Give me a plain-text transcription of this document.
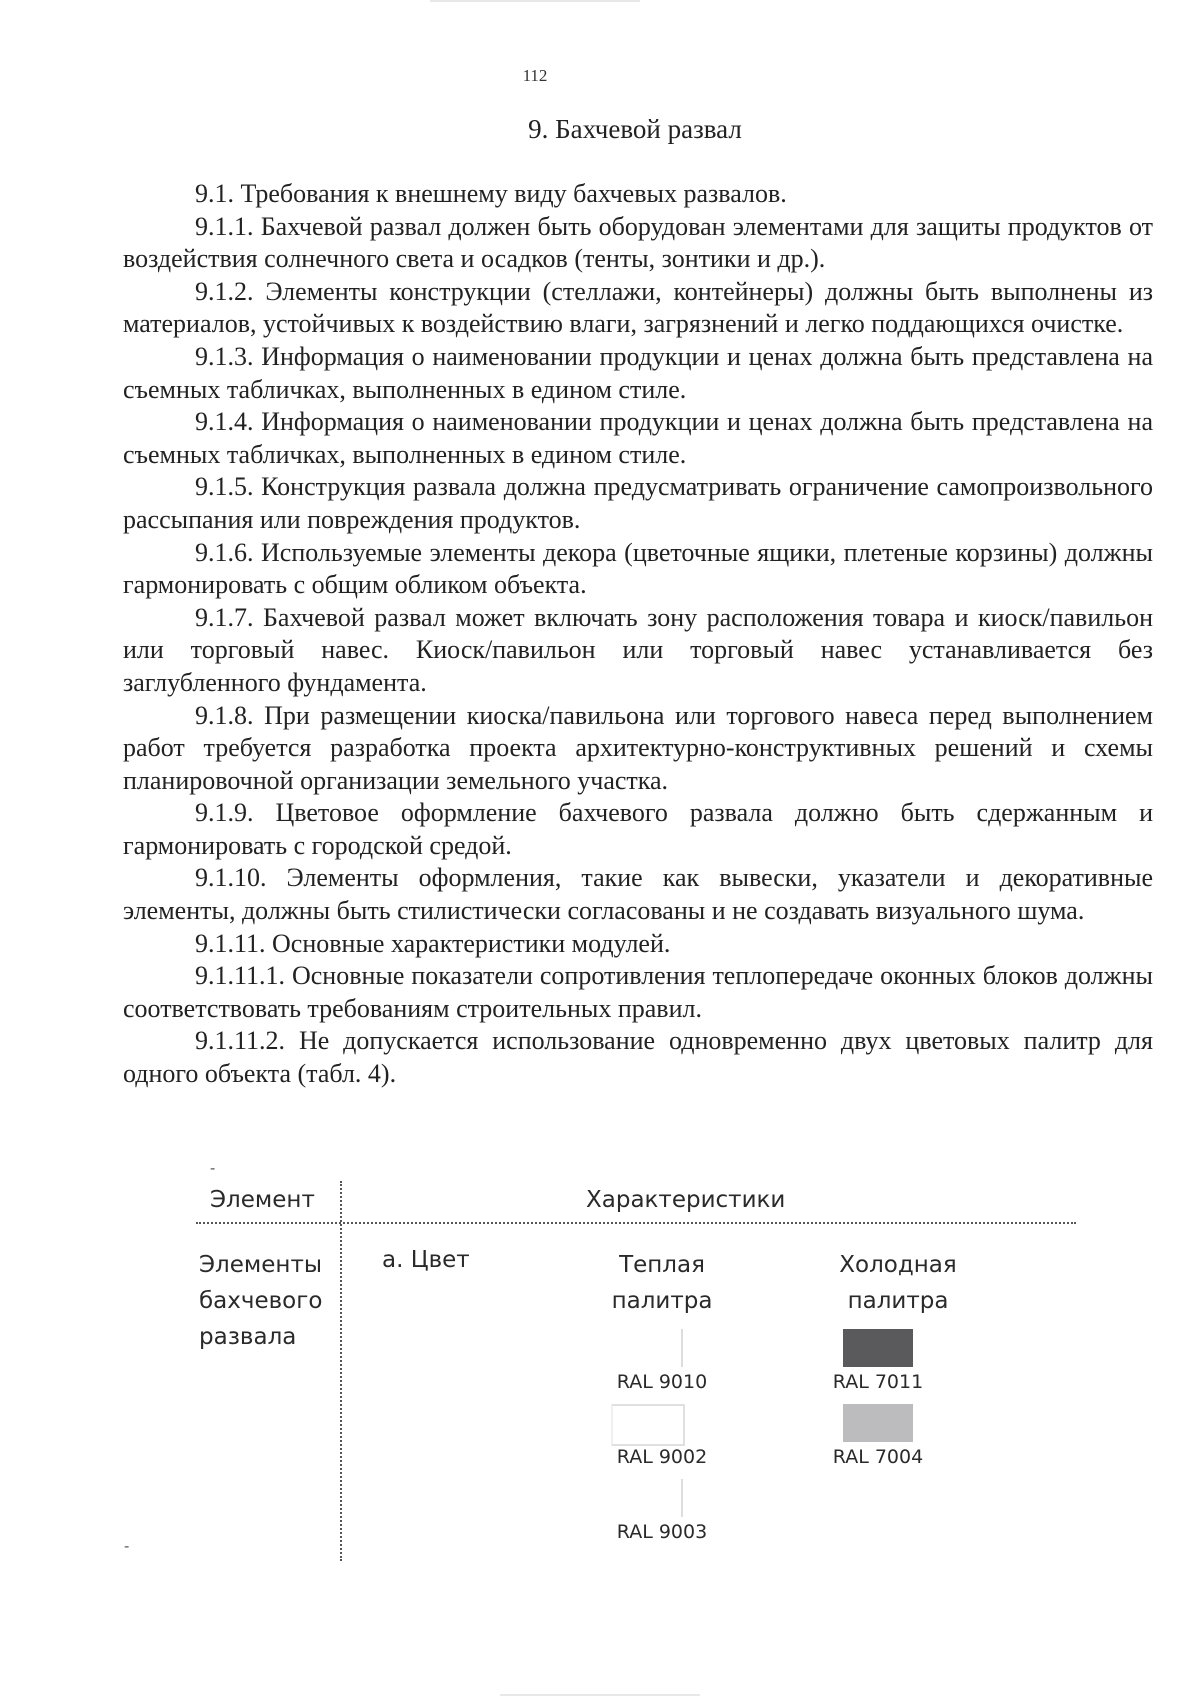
112
9. Бахчевой развал

9.1. Требования к внешнему виду бахчевых развалов.

9.1.1. Бахчевой развал должен быть оборудован элементами для защиты продуктов от воздействия солнечного света и осадков (тенты, зонтики и др.).

9.1.2. Элементы конструкции (стеллажи, контейнеры) должны быть выполнены из материалов, устойчивых к воздействию влаги, загрязнений и легко поддающихся очистке.

9.1.3. Информация о наименовании продукции и ценах должна быть представлена на съемных табличках, выполненных в едином стиле.

9.1.4. Информация о наименовании продукции и ценах должна быть представлена на съемных табличках, выполненных в едином стиле.

9.1.5. Конструкция развала должна предусматривать ограничение самопроизвольного рассыпания или повреждения продуктов.

9.1.6. Используемые элементы декора (цветочные ящики, плетеные корзины) должны гармонировать с общим обликом объекта.

9.1.7. Бахчевой развал может включать зону расположения товара и киоск/павильон или торговый навес. Киоск/павильон или торговый навес устанавливается без заглубленного фундамента.

9.1.8. При размещении киоска/павильона или торгового навеса перед выполнением работ требуется разработка проекта архитектурно-конструктивных решений и схемы планировочной организации земельного участка.

9.1.9. Цветовое оформление бахчевого развала должно быть сдержанным и гармонировать с городской средой.

9.1.10. Элементы оформления, такие как вывески, указатели и декоративные элементы, должны быть стилистически согласованы и не создавать визуального шума.

9.1.11. Основные характеристики модулей.

9.1.11.1. Основные показатели сопротивления теплопередаче оконных блоков должны соответствовать требованиям строительных правил.

9.1.11.2. Не допускается использование одновременно двух цветовых палитр для одного объекта (табл. 4).

-
-
Элемент	Характеристики
Элементы бахчевого развала
а. Цвет	Теплая палитра
Холодная палитра
RAL 9010
RAL 9002
RAL 9003
RAL 7011
RAL 7004
